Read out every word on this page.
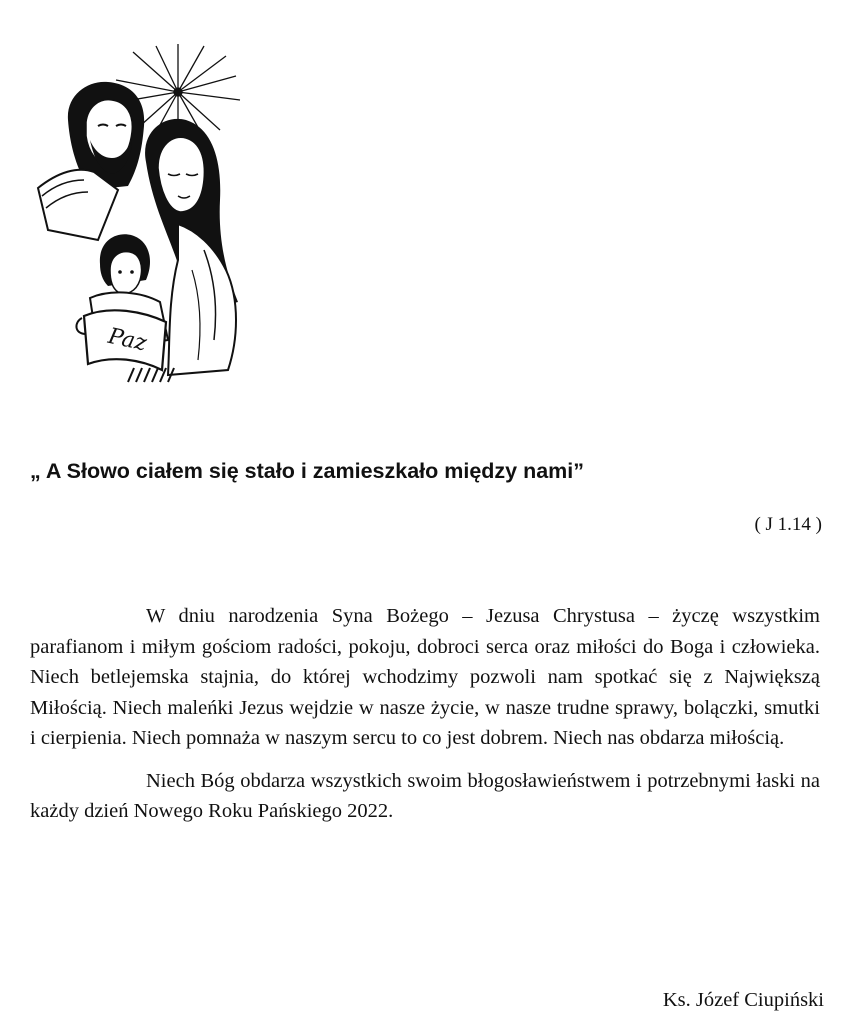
Paz
„ A Słowo ciałem się stało i zamieszkało między nami”

( J 1.14 )

W dniu narodzenia Syna Bożego – Jezusa Chrystusa – życzę wszystkim parafianom i miłym gościom radości, pokoju, dobroci serca oraz miłości do Boga i człowieka. Niech betlejemska stajnia, do której wchodzimy pozwoli nam spotkać się z Największą Miłością. Niech maleńki Jezus wejdzie w nasze życie, w nasze trudne sprawy, bolączki, smutki i cierpienia. Niech pomnaża w naszym sercu to co jest dobrem. Niech nas obdarza miłością.

Niech Bóg obdarza wszystkich swoim błogosławieństwem i potrzebnymi łaski na każdy dzień Nowego Roku Pańskiego 2022.

Ks. Józef Ciupiński
